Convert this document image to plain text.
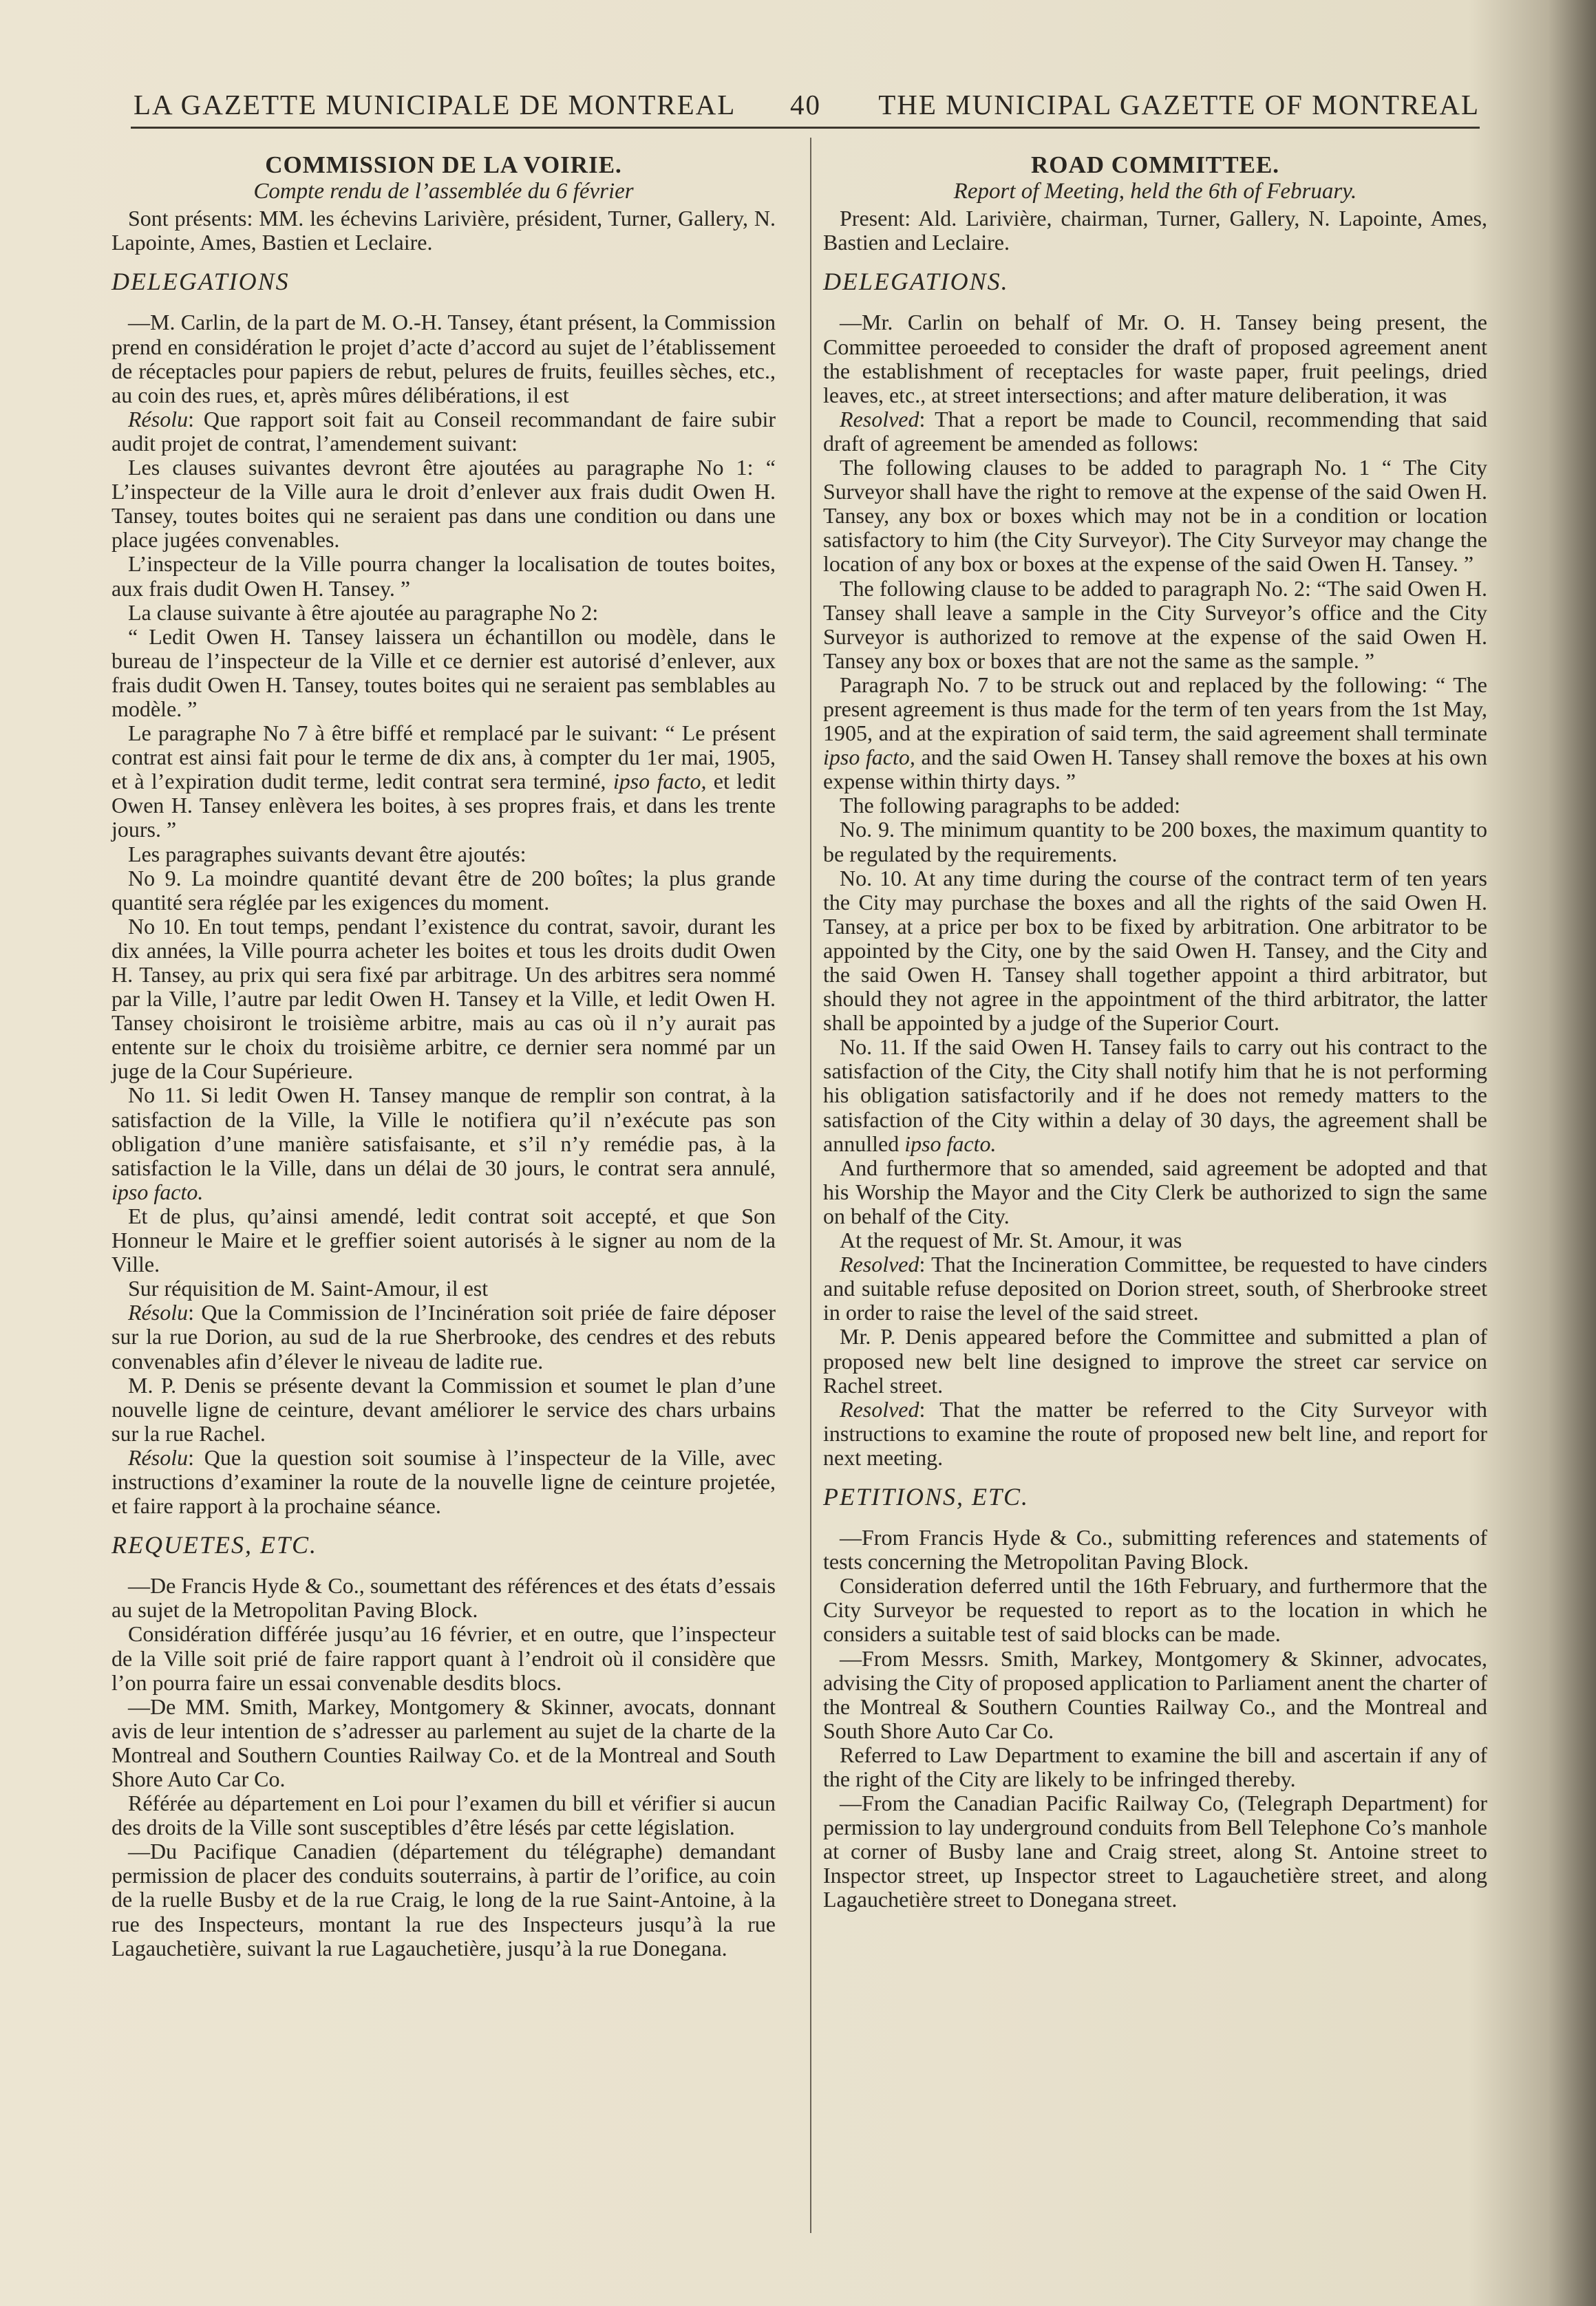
LA GAZETTE MUNICIPALE DE MONTREAL 40 THE MUNICIPAL GAZETTE OF MONTREAL
COMMISSION DE LA VOIRIE.
Compte rendu de l’assemblée du 6 février

Sont présents: MM. les échevins Larivière, président, Turner, Gallery, N. Lapointe, Ames, Bastien et Leclaire.

DELEGATIONS

—M. Carlin, de la part de M. O.-H. Tansey, étant présent, la Commission prend en considération le projet d’acte d’accord au sujet de l’établissement de réceptacles pour papiers de rebut, pelures de fruits, feuilles sèches, etc., au coin des rues, et, après mûres délibérations, il est

Résolu: Que rapport soit fait au Conseil recommandant de faire subir audit projet de contrat, l’amendement suivant:

Les clauses suivantes devront être ajoutées au paragraphe No 1: “ L’inspecteur de la Ville aura le droit d’enlever aux frais dudit Owen H. Tansey, toutes boites qui ne seraient pas dans une condition ou dans une place jugées convenables.

L’inspecteur de la Ville pourra changer la localisation de toutes boites, aux frais dudit Owen H. Tansey. ”

La clause suivante à être ajoutée au paragraphe No 2:

“ Ledit Owen H. Tansey laissera un échantillon ou modèle, dans le bureau de l’inspecteur de la Ville et ce dernier est autorisé d’enlever, aux frais dudit Owen H. Tansey, toutes boites qui ne seraient pas semblables au modèle. ”

Le paragraphe No 7 à être biffé et remplacé par le suivant: “ Le présent contrat est ainsi fait pour le terme de dix ans, à compter du 1er mai, 1905, et à l’expiration dudit terme, ledit contrat sera terminé, ipso facto, et ledit Owen H. Tansey enlèvera les boites, à ses propres frais, et dans les trente jours. ”

Les paragraphes suivants devant être ajoutés:

No 9. La moindre quantité devant être de 200 boîtes; la plus grande quantité sera réglée par les exigences du moment.

No 10. En tout temps, pendant l’existence du contrat, savoir, durant les dix années, la Ville pourra acheter les boites et tous les droits dudit Owen H. Tansey, au prix qui sera fixé par arbitrage. Un des arbitres sera nommé par la Ville, l’autre par ledit Owen H. Tansey et la Ville, et ledit Owen H. Tansey choisiront le troisième arbitre, mais au cas où il n’y aurait pas entente sur le choix du troisième arbitre, ce dernier sera nommé par un juge de la Cour Supérieure.

No 11. Si ledit Owen H. Tansey manque de remplir son contrat, à la satisfaction de la Ville, la Ville le notifiera qu’il n’exécute pas son obligation d’une manière satisfaisante, et s’il n’y remédie pas, à la satisfaction le la Ville, dans un délai de 30 jours, le contrat sera annulé, ipso facto.

Et de plus, qu’ainsi amendé, ledit contrat soit accepté, et que Son Honneur le Maire et le greffier soient autorisés à le signer au nom de la Ville.

Sur réquisition de M. Saint-Amour, il est

Résolu: Que la Commission de l’Incinération soit priée de faire déposer sur la rue Dorion, au sud de la rue Sherbrooke, des cendres et des rebuts convenables afin d’élever le niveau de ladite rue.

M. P. Denis se présente devant la Commission et soumet le plan d’une nouvelle ligne de ceinture, devant améliorer le service des chars urbains sur la rue Rachel.

Résolu: Que la question soit soumise à l’inspecteur de la Ville, avec instructions d’examiner la route de la nouvelle ligne de ceinture projetée, et faire rapport à la prochaine séance.

REQUETES, ETC.

—De Francis Hyde & Co., soumettant des références et des états d’essais au sujet de la Metropolitan Paving Block.

Considération différée jusqu’au 16 février, et en outre, que l’inspecteur de la Ville soit prié de faire rapport quant à l’endroit où il considère que l’on pourra faire un essai convenable desdits blocs.

—De MM. Smith, Markey, Montgomery & Skinner, avocats, donnant avis de leur intention de s’adresser au parlement au sujet de la charte de la Montreal and Southern Counties Railway Co. et de la Montreal and South Shore Auto Car Co.

Référée au département en Loi pour l’examen du bill et vérifier si aucun des droits de la Ville sont susceptibles d’être lésés par cette législation.

—Du Pacifique Canadien (département du télégraphe) demandant permission de placer des conduits souterrains, à partir de l’orifice, au coin de la ruelle Busby et de la rue Craig, le long de la rue Saint-Antoine, à la rue des Inspecteurs, montant la rue des Inspecteurs jusqu’à la rue Lagauchetière, suivant la rue Lagauchetière, jusqu’à la rue Donegana.

ROAD COMMITTEE.
Report of Meeting, held the 6th of February.

Present: Ald. Larivière, chairman, Turner, Gallery, N. Lapointe, Ames, Bastien and Leclaire.

DELEGATIONS.

—Mr. Carlin on behalf of Mr. O. H. Tansey being present, the Committee peroeeded to consider the draft of proposed agreement anent the establishment of receptacles for waste paper, fruit peelings, dried leaves, etc., at street intersections; and after mature deliberation, it was

Resolved: That a report be made to Council, recommending that said draft of agreement be amended as follows:

The following clauses to be added to paragraph No. 1 “ The City Surveyor shall have the right to remove at the expense of the said Owen H. Tansey, any box or boxes which may not be in a condition or location satisfactory to him (the City Surveyor). The City Surveyor may change the location of any box or boxes at the expense of the said Owen H. Tansey. ”

The following clause to be added to paragraph No. 2: “The said Owen H. Tansey shall leave a sample in the City Surveyor’s office and the City Surveyor is authorized to remove at the expense of the said Owen H. Tansey any box or boxes that are not the same as the sample. ”

Paragraph No. 7 to be struck out and replaced by the following: “ The present agreement is thus made for the term of ten years from the 1st May, 1905, and at the expiration of said term, the said agreement shall terminate ipso facto, and the said Owen H. Tansey shall remove the boxes at his own expense within thirty days. ”

The following paragraphs to be added:

No. 9. The minimum quantity to be 200 boxes, the maximum quantity to be regulated by the requirements.

No. 10. At any time during the course of the contract term of ten years the City may purchase the boxes and all the rights of the said Owen H. Tansey, at a price per box to be fixed by arbitration. One arbitrator to be appointed by the City, one by the said Owen H. Tansey, and the City and the said Owen H. Tansey shall together appoint a third arbitrator, but should they not agree in the appointment of the third arbitrator, the latter shall be appointed by a judge of the Superior Court.

No. 11. If the said Owen H. Tansey fails to carry out his contract to the satisfaction of the City, the City shall notify him that he is not performing his obligation satisfactorily and if he does not remedy matters to the satisfaction of the City within a delay of 30 days, the agreement shall be annulled ipso facto.

And furthermore that so amended, said agreement be adopted and that his Worship the Mayor and the City Clerk be authorized to sign the same on behalf of the City.

At the request of Mr. St. Amour, it was

Resolved: That the Incineration Committee, be requested to have cinders and suitable refuse deposited on Dorion street, south, of Sherbrooke street in order to raise the level of the said street.

Mr. P. Denis appeared before the Committee and submitted a plan of proposed new belt line designed to improve the street car service on Rachel street.

Resolved: That the matter be referred to the City Surveyor with instructions to examine the route of proposed new belt line, and report for next meeting.

PETITIONS, ETC.

—From Francis Hyde & Co., submitting references and statements of tests concerning the Metropolitan Paving Block.

Consideration deferred until the 16th February, and furthermore that the City Surveyor be requested to report as to the location in which he considers a suitable test of said blocks can be made.

—From Messrs. Smith, Markey, Montgomery & Skinner, advocates, advising the City of proposed application to Parliament anent the charter of the Montreal & Southern Counties Railway Co., and the Montreal and South Shore Auto Car Co.

Referred to Law Department to examine the bill and ascertain if any of the right of the City are likely to be infringed thereby.

—From the Canadian Pacific Railway Co, (Telegraph Department) for permission to lay underground conduits from Bell Telephone Co’s manhole at corner of Busby lane and Craig street, along St. Antoine street to Inspector street, up Inspector street to Lagauchetière street, and along Lagauchetière street to Donegana street.
